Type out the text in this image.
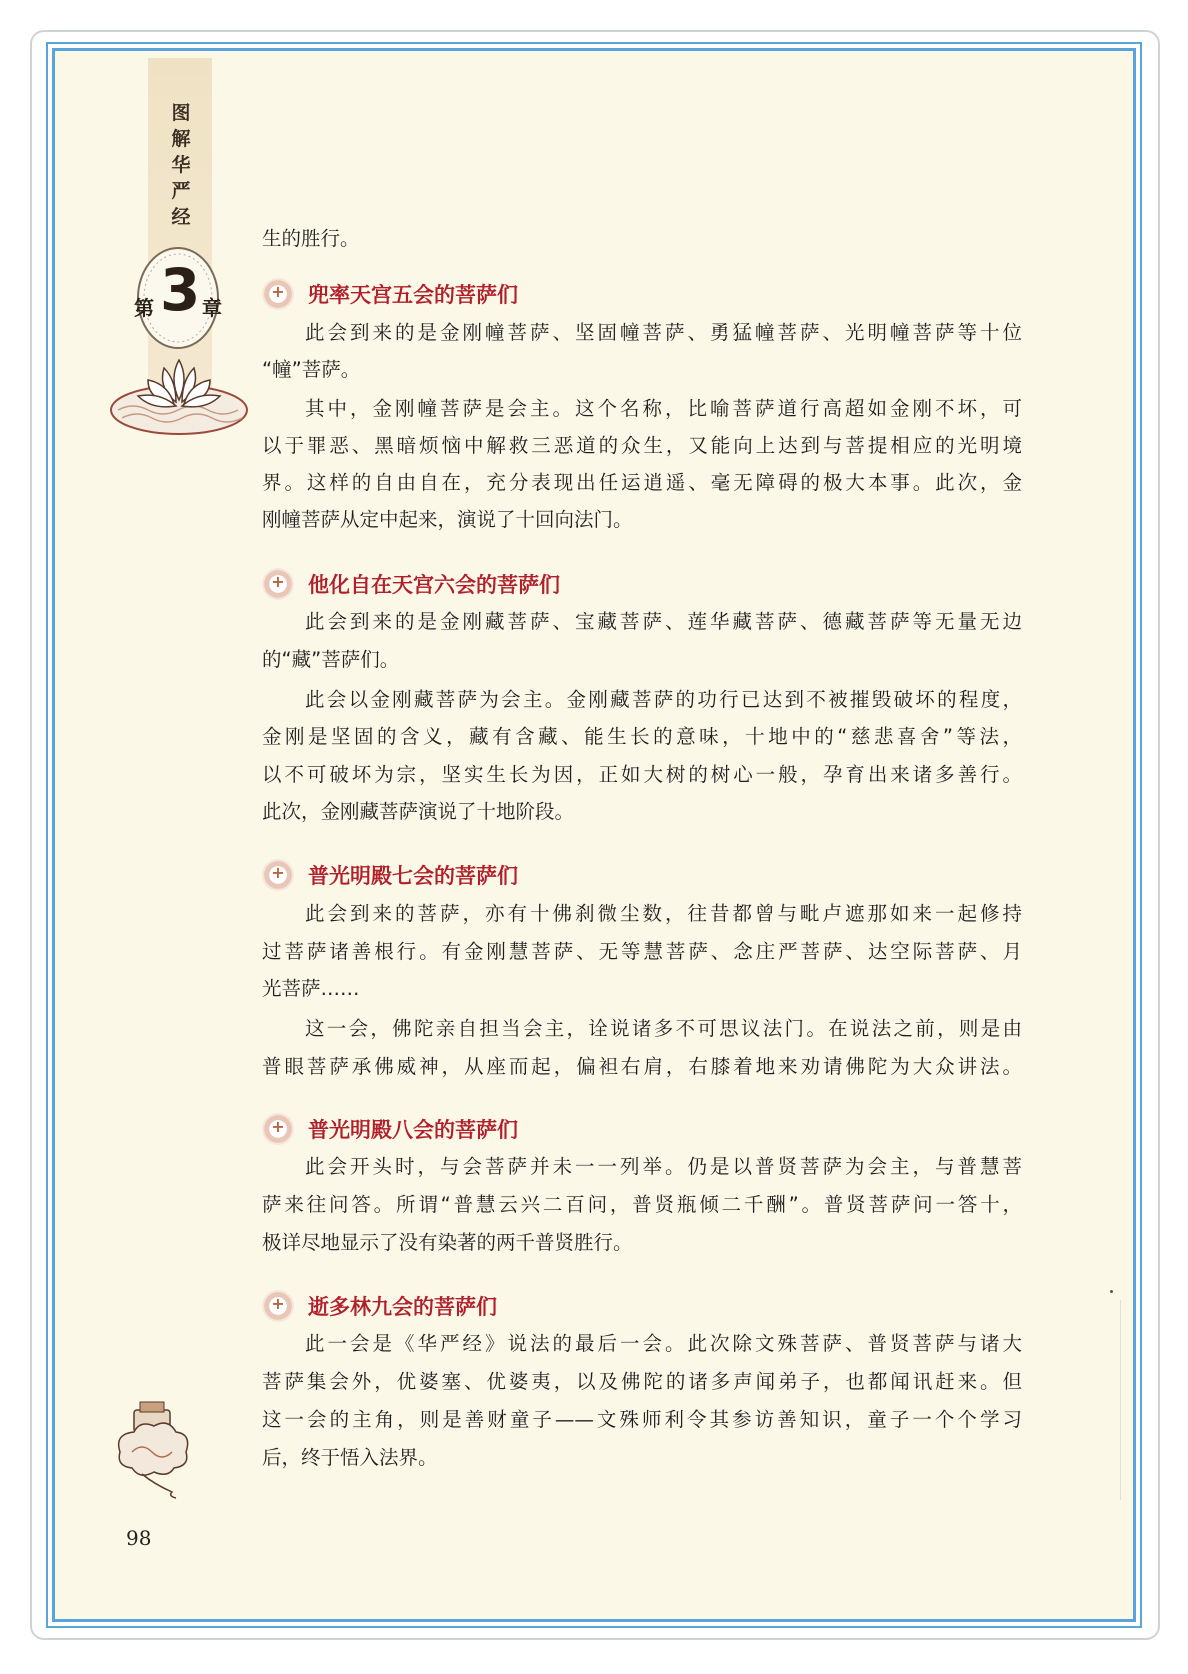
图
解
华
严
经
第 3 章
生的胜行。
+
兜率天宫五会的菩萨们
此会到来的是金刚幢菩萨、坚固幢菩萨、勇猛幢菩萨、光明幢菩萨等十位
“幢”菩萨。
其中，金刚幢菩萨是会主。这个名称，比喻菩萨道行高超如金刚不坏，可
以于罪恶、黑暗烦恼中解救三恶道的众生，又能向上达到与菩提相应的光明境
界。这样的自由自在，充分表现出任运逍遥、毫无障碍的极大本事。此次，金
刚幢菩萨从定中起来，演说了十回向法门。
+
他化自在天宫六会的菩萨们
此会到来的是金刚藏菩萨、宝藏菩萨、莲华藏菩萨、德藏菩萨等无量无边
的“藏”菩萨们。
此会以金刚藏菩萨为会主。金刚藏菩萨的功行已达到不被摧毁破坏的程度，
金刚是坚固的含义，藏有含藏、能生长的意味，十地中的“慈悲喜舍”等法，
以不可破坏为宗，坚实生长为因，正如大树的树心一般，孕育出来诸多善行。
此次，金刚藏菩萨演说了十地阶段。
+
普光明殿七会的菩萨们
此会到来的菩萨，亦有十佛刹微尘数，往昔都曾与毗卢遮那如来一起修持
过菩萨诸善根行。有金刚慧菩萨、无等慧菩萨、念庄严菩萨、达空际菩萨、月
光菩萨……
这一会，佛陀亲自担当会主，诠说诸多不可思议法门。在说法之前，则是由
普眼菩萨承佛威神，从座而起，偏袒右肩，右膝着地来劝请佛陀为大众讲法。
+
普光明殿八会的菩萨们
此会开头时，与会菩萨并未一一列举。仍是以普贤菩萨为会主，与普慧菩
萨来往问答。所谓“普慧云兴二百问，普贤瓶倾二千酬”。普贤菩萨问一答十，
极详尽地显示了没有染著的两千普贤胜行。
+
逝多林九会的菩萨们
此一会是《华严经》说法的最后一会。此次除文殊菩萨、普贤菩萨与诸大
菩萨集会外，优婆塞、优婆夷，以及佛陀的诸多声闻弟子，也都闻讯赶来。但
这一会的主角，则是善财童子——文殊师利令其参访善知识，童子一个个学习
后，终于悟入法界。
98
